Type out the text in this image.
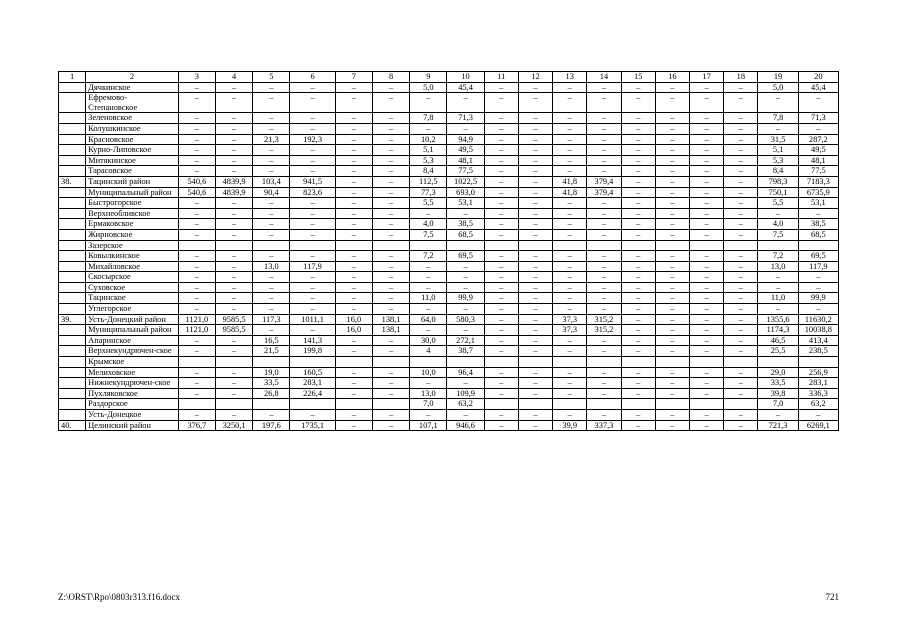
1	2	3	4	5	6	7	8	9	10	11	12	13	14	15	16	17	18	19	20
	Дячкинское	–	–	–	–	–	–	5,0	45,4	–	–	–	–	–	–	–	–	5,0	45,4
	Ефремово-Степановское	–	–	–	–	–	–	–	–	–	–	–	–	–	–	–	–	–	–
	Зеленовское	–	–	–	–	–	–	7,8	71,3	–	–	–	–	–	–	–	–	7,8	71,3
	Колушкинское	–	–	–	–	–	–	–	–	–	–	–	–	–	–	–	–	–	–
	Красновское	–	–	21,3	192,3	–	–	10,2	94,9	–	–	–	–	–	–	–	–	31,5	287,2
	Курно-Липовское	–	–	–	–	–	–	5,1	49,5	–	–	–	–	–	–	–	–	5,1	49,5
	Митякинское	–	–	–	–	–	–	5,3	48,1	–	–	–	–	–	–	–	–	5,3	48,1
	Тарасовское	–	–	–	–	–	–	8,4	77,5	–	–	–	–	–	–	–	–	8,4	77,5
38.	Тацинский район	540,6	4839,9	103,4	941,5	–	–	112,5	1022,5	–	–	41,8	379,4	–	–	–	–	798,3	7183,3
	Муниципальный район	540,6	4839,9	90,4	823,6	–	–	77,3	693,0	–	–	41,8	379,4	–	–	–	–	750,1	6735,9
	Быстрогорское	–	–	–	–	–	–	5,5	53,1	–	–	–	–	–	–	–	–	5,5	53,1
	Верхнеобливское	–	–	–	–	–	–	–	–	–	–	–	–	–	–	–	–	–	–
	Ермаковское	–	–	–	–	–	–	4,0	38,5	–	–	–	–	–	–	–	–	4,0	38,5
	Жирновское	–	–	–	–	–	–	7,5	68,5	–	–	–	–	–	–	–	–	7,5	68,5
	Зазерское																		
	Ковылкинское	–	–	–	–	–	–	7,2	69,5	–	–	–	–	–	–	–	–	7,2	69,5
	Михайловское	–	–	13,0	117,9	–	–	–	–	–	–	–	–	–	–	–	–	13,0	117,9
	Скосырское	–	–	–	–	–	–	–	–	–	–	–	–	–	–	–	–	–	–
	Суховское	–	–	–	–	–	–	–	–	–	–	–	–	–	–	–	–	–	–
	Тацинское	–	–	–	–	–	–	11,0	99,9	–	–	–	–	–	–	–	–	11,0	99,9
	Углегорское	–	–	–	–	–	–	–	–	–	–	–	–	–	–	–	–	–	–
39.	Усть-Донецкий район	1121,0	9585,5	117,3	1011,1	16,0	138,1	64,0	580,3	–	–	37,3	315,2	–	–	–	–	1355,6	11630,2
	Муниципальный район	1121,0	9585,5	–	–	16,0	138,1	–	–	–	–	37,3	315,2	–	–	–	–	1174,3	10038,8
	Апаринское	–	–	16,5	141,3	–	–	30,0	272,1	–	–	–	–	–	–	–	–	46,5	413,4
	Верхнекундрючен-ское	–	–	21,5	199,8	–	–	4	38,7	–	–	–	–	–	–	–	–	25,5	238,5
	Крымское																		
	Мелиховское	–	–	19,0	160,5	–	–	10,0	96,4	–	–	–	–	–	–	–	–	29,0	256,9
	Нижнекундрючен-ское	–	–	33,5	283,1	–	–	–	–	–	–	–	–	–	–	–	–	33,5	283,1
	Пухляковское	–	–	26,8	226,4	–	–	13,0	109,9	–	–	–	–	–	–	–	–	39,8	336,3
	Раздорское							7,0	63,2									7,0	63,2
	Усть-Донецкое	–	–	–	–	–	–	–	–	–	–	–	–	–	–	–	–	–	–
40.	Целинский район	376,7	3250,1	197,6	1735,1	–	–	107,1	946,6	–	–	39,9	337,3	–	–	–	–	721,3	6269,1
Z:\ORST\Rpo\0803r313.f16.docx	721
